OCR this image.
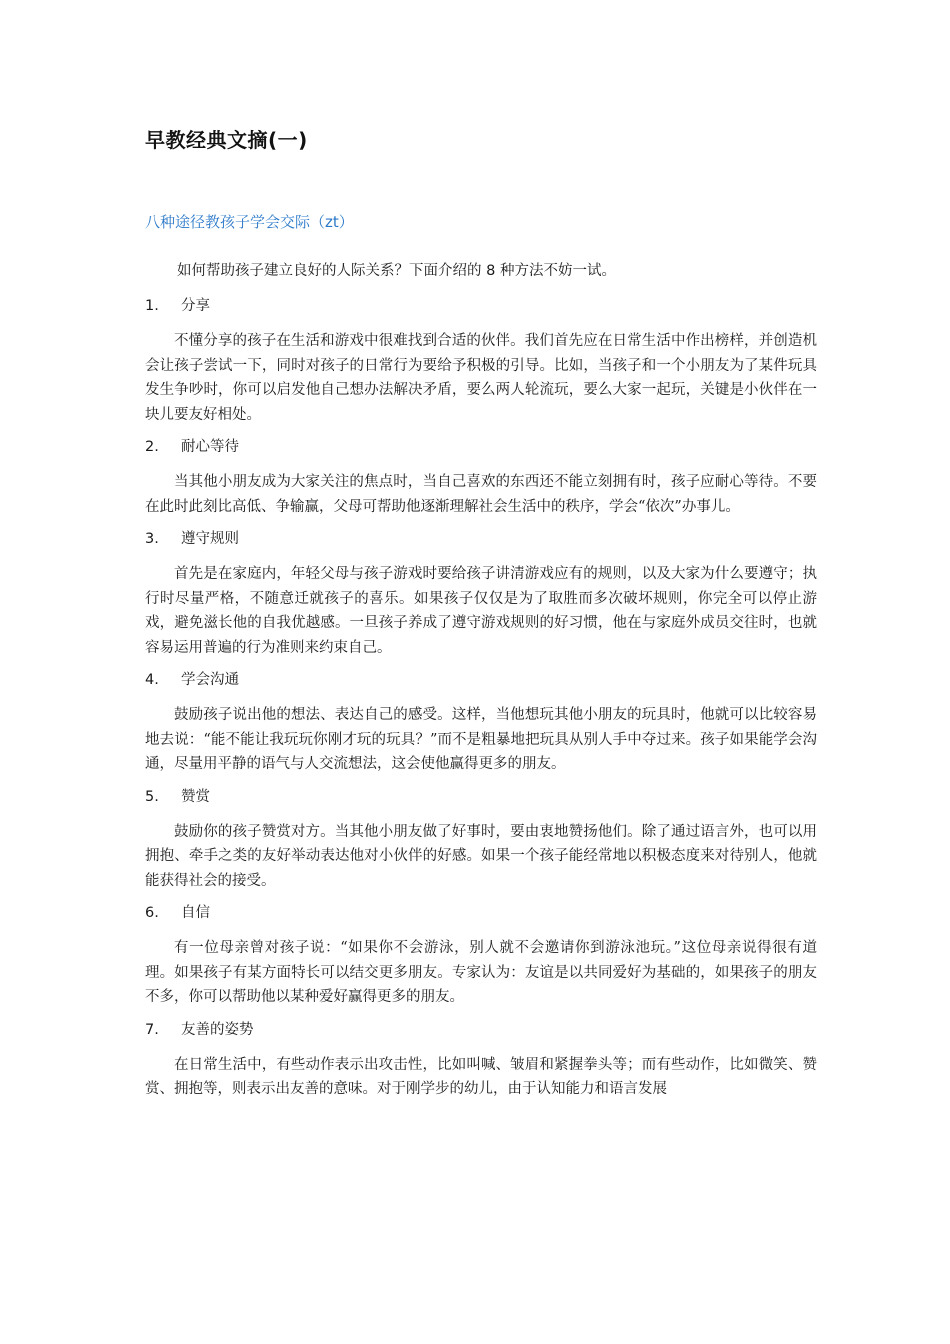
早教经典文摘(一)
八种途径教孩子学会交际（zt）
如何帮助孩子建立良好的人际关系？下面介绍的 8 种方法不妨一试。
1.	分享

不懂分享的孩子在生活和游戏中很难找到合适的伙伴。我们首先应在日常生活中作出榜样，并创造机会让孩子尝试一下，同时对孩子的日常行为要给予积极的引导。比如，当孩子和一个小朋友为了某件玩具发生争吵时，你可以启发他自己想办法解决矛盾，要么两人轮流玩，要么大家一起玩，关键是小伙伴在一块儿要友好相处。

2.	耐心等待

当其他小朋友成为大家关注的焦点时，当自己喜欢的东西还不能立刻拥有时，孩子应耐心等待。不要在此时此刻比高低、争输赢，父母可帮助他逐渐理解社会生活中的秩序，学会“依次”办事儿。

3.	遵守规则

首先是在家庭内，年轻父母与孩子游戏时要给孩子讲清游戏应有的规则，以及大家为什么要遵守；执行时尽量严格，不随意迁就孩子的喜乐。如果孩子仅仅是为了取胜而多次破坏规则，你完全可以停止游戏，避免滋长他的自我优越感。一旦孩子养成了遵守游戏规则的好习惯，他在与家庭外成员交往时，也就容易运用普遍的行为准则来约束自己。

4.	学会沟通

鼓励孩子说出他的想法、表达自己的感受。这样，当他想玩其他小朋友的玩具时，他就可以比较容易地去说：“能不能让我玩玩你刚才玩的玩具？”而不是粗暴地把玩具从别人手中夺过来。孩子如果能学会沟通，尽量用平静的语气与人交流想法，这会使他赢得更多的朋友。

5.	赞赏

鼓励你的孩子赞赏对方。当其他小朋友做了好事时，要由衷地赞扬他们。除了通过语言外，也可以用拥抱、牵手之类的友好举动表达他对小伙伴的好感。如果一个孩子能经常地以积极态度来对待别人，他就能获得社会的接受。

6.	自信

有一位母亲曾对孩子说：“如果你不会游泳，别人就不会邀请你到游泳池玩。”这位母亲说得很有道理。如果孩子有某方面特长可以结交更多朋友。专家认为：友谊是以共同爱好为基础的，如果孩子的朋友不多，你可以帮助他以某种爱好赢得更多的朋友。

7.	友善的姿势

在日常生活中，有些动作表示出攻击性，比如叫喊、皱眉和紧握拳头等；而有些动作，比如微笑、赞赏、拥抱等，则表示出友善的意味。对于刚学步的幼儿，由于认知能力和语言发展
